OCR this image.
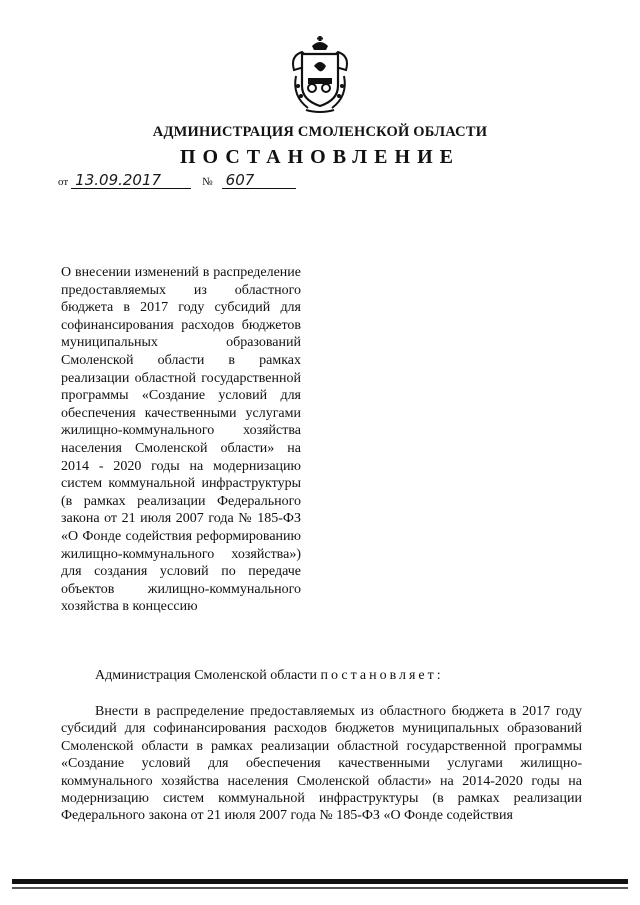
АДМИНИСТРАЦИЯ СМОЛЕНСКОЙ ОБЛАСТИ
ПОСТАНОВЛЕНИЕ
от 13.09.2017	№ 607
О внесении изменений в распределение предоставляемых из областного бюджета в 2017 году субсидий для софинансирования расходов бюджетов муниципальных образований Смоленской области в рамках реализации областной государственной программы «Создание условий для обеспечения качественными услугами жилищно-коммунального хозяйства населения Смоленской области» на 2014 - 2020 годы на модернизацию систем коммунальной инфраструктуры (в рамках реализации Федерального закона от 21 июля 2007 года № 185-ФЗ «О Фонде содействия реформированию жилищно-коммунального хозяйства») для создания условий по передаче объектов жилищно-коммунального хозяйства в концессию
Администрация Смоленской области постановляет:
Внести в распределение предоставляемых из областного бюджета в 2017 году субсидий для софинансирования расходов бюджетов муниципальных образований Смоленской области в рамках реализации областной государственной программы «Создание условий для обеспечения качественными услугами жилищно-коммунального хозяйства населения Смоленской области» на 2014-2020 годы на модернизацию систем коммунальной инфраструктуры (в рамках реализации Федерального закона от 21 июля 2007 года № 185-ФЗ «О Фонде содействия
